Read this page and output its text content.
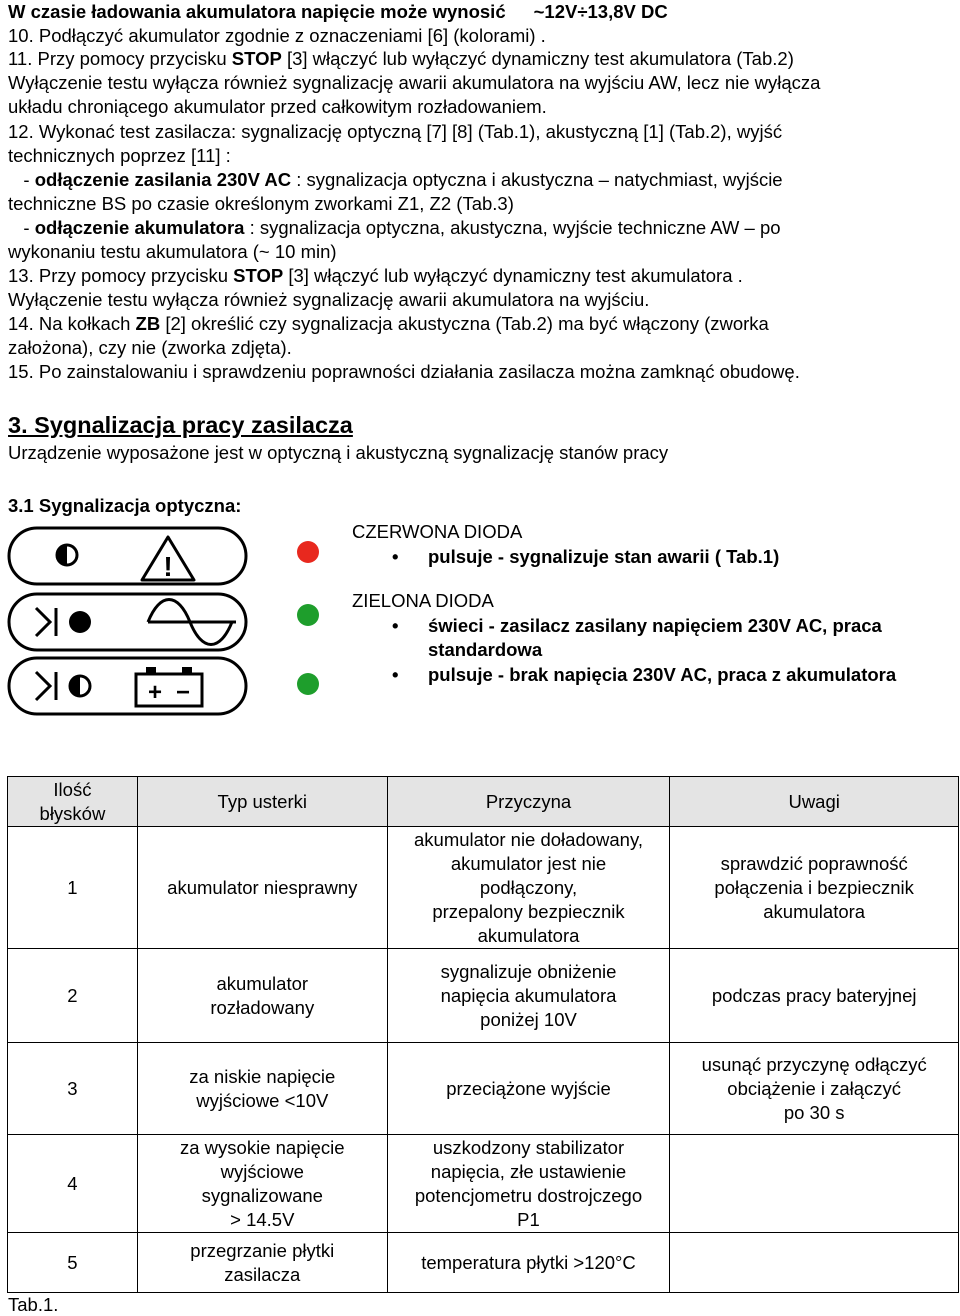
W czasie ładowania akumulatora napięcie może wynosić ~12V÷13,8V DC
10. Podłączyć akumulator zgodnie z oznaczeniami [6] (kolorami) .
11. Przy pomocy przycisku STOP [3] włączyć lub wyłączyć dynamiczny test akumulatora (Tab.2)
Wyłączenie testu wyłącza również sygnalizację awarii akumulatora na wyjściu AW, lecz nie wyłącza
układu chroniącego akumulator przed całkowitym rozładowaniem.
12. Wykonać test zasilacza: sygnalizację optyczną [7] [8] (Tab.1), akustyczną [1] (Tab.2), wyjść
technicznych poprzez [11] :
- odłączenie zasilania 230V AC : sygnalizacja optyczna i akustyczna – natychmiast, wyjście
techniczne BS po czasie określonym zworkami Z1, Z2 (Tab.3)
- odłączenie akumulatora : sygnalizacja optyczna, akustyczna, wyjście techniczne AW – po
wykonaniu testu akumulatora (~ 10 min)
13. Przy pomocy przycisku STOP [3] włączyć lub wyłączyć dynamiczny test akumulatora .
Wyłączenie testu wyłącza również sygnalizację awarii akumulatora na wyjściu.
14. Na kołkach ZB [2] określić czy sygnalizacja akustyczna (Tab.2) ma być włączony (zworka
założona), czy nie (zworka zdjęta).
15. Po zainstalowaniu i sprawdzeniu poprawności działania zasilacza można zamknąć obudowę.
3. Sygnalizacja pracy zasilacza
Urządzenie wyposażone jest w optyczną i akustyczną sygnalizację stanów pracy
3.1 Sygnalizacja optyczna:
!
+ −
CZERWONA DIODA
• pulsuje - sygnalizuje stan awarii ( Tab.1)
ZIELONA DIODA
• świeci - zasilacz zasilany napięciem 230V AC, praca
standardowa
• pulsuje - brak napięcia 230V AC, praca z akumulatora
Ilość
błysków	Typ usterki	Przyczyna	Uwagi
1	akumulator niesprawny	akumulator nie doładowany,
akumulator jest nie
podłączony,
przepalony bezpiecznik
akumulatora	sprawdzić poprawność
połączenia i bezpiecznik
akumulatora
2	akumulator
rozładowany	sygnalizuje obniżenie
napięcia akumulatora
poniżej 10V	podczas pracy bateryjnej
3	za niskie napięcie
wyjściowe <10V	przeciążone wyjście	usunąć przyczynę odłączyć
obciążenie i załączyć
po 30 s
4	za wysokie napięcie
wyjściowe
sygnalizowane
> 14.5V	uszkodzony stabilizator
napięcia, złe ustawienie
potencjometru dostrojczego
P1	
5	przegrzanie płytki
zasilacza	temperatura płytki >120°C	
Tab.1.
